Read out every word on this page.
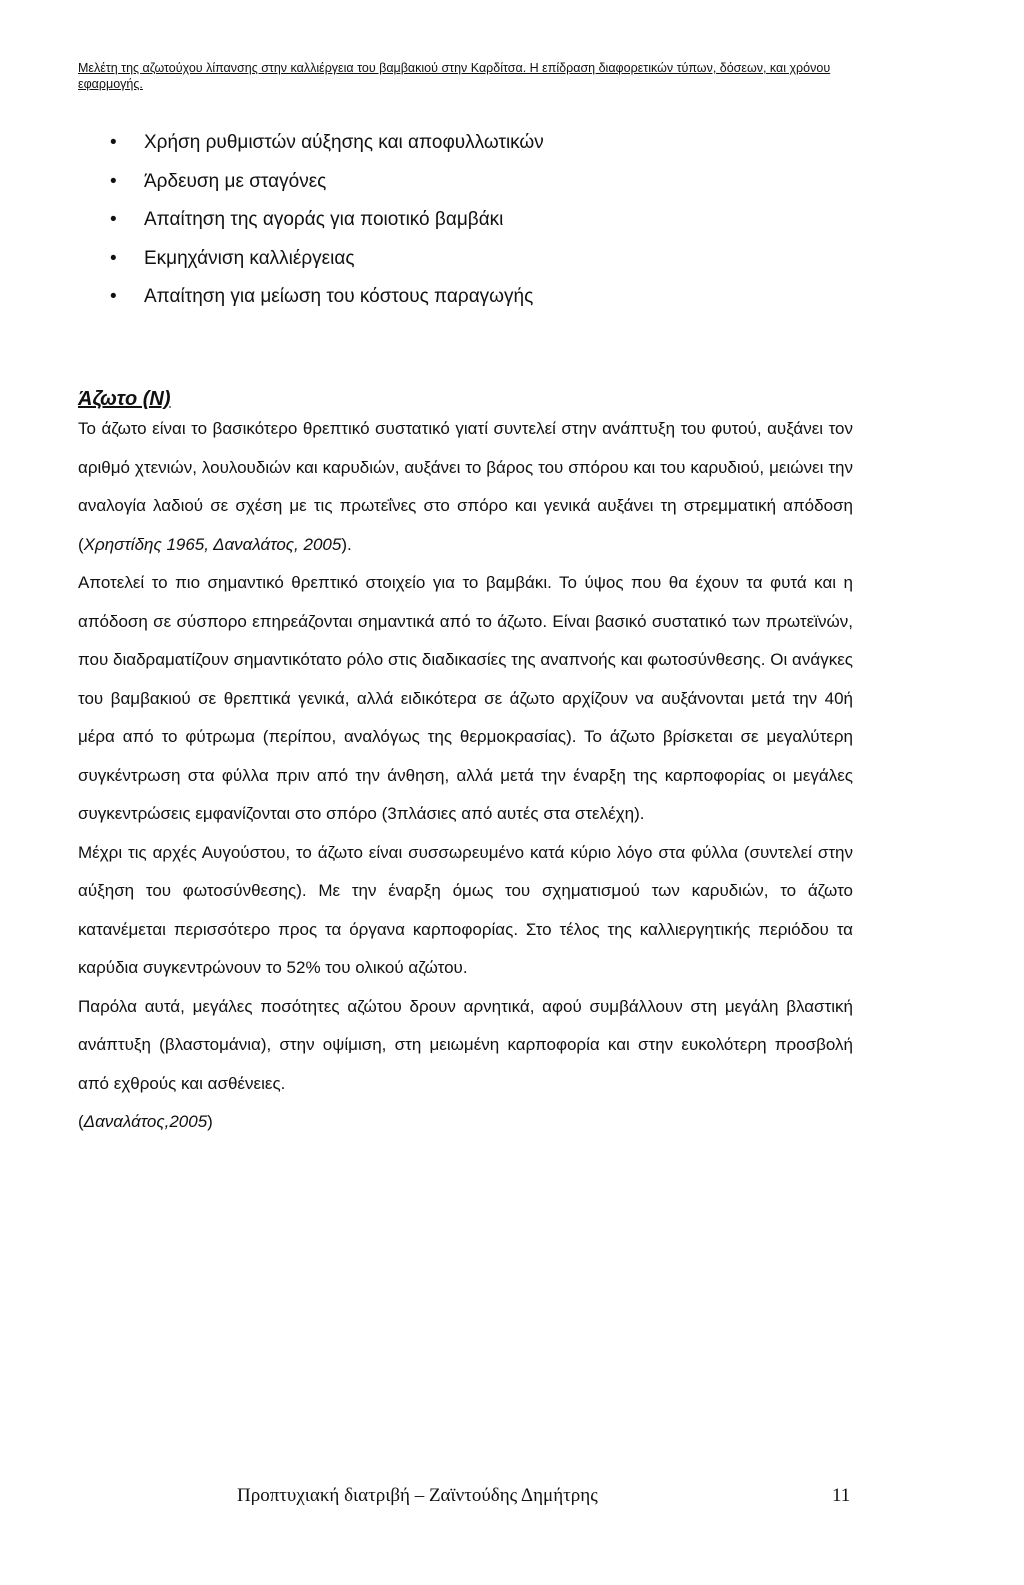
Μελέτη της αζωτούχου λίπανσης στην καλλιέργεια του βαμβακιού στην Καρδίτσα. Η επίδραση διαφορετικών τύπων, δόσεων, και χρόνου εφαρμογής.
• Χρήση ρυθμιστών αύξησης και αποφυλλωτικών
• Άρδευση με σταγόνες
• Απαίτηση της αγοράς για ποιοτικό βαμβάκι
• Εκμηχάνιση καλλιέργειας
• Απαίτηση για μείωση του κόστους παραγωγής
Άζωτο (Ν)

Το άζωτο είναι το βασικότερο θρεπτικό συστατικό γιατί συντελεί στην ανάπτυξη του φυτού, αυξάνει τον αριθμό χτενιών, λουλουδιών και καρυδιών, αυξάνει το βάρος του σπόρου και του καρυδιού, μειώνει την αναλογία λαδιού σε σχέση με τις πρωτεΐνες στο σπόρο και γενικά αυξάνει τη στρεμματική απόδοση (Χρηστίδης 1965, Δαναλάτος, 2005).

Αποτελεί το πιο σημαντικό θρεπτικό στοιχείο για το βαμβάκι. Το ύψος που θα έχουν τα φυτά και η απόδοση σε σύσπορο επηρεάζονται σημαντικά από το άζωτο. Είναι βασικό συστατικό των πρωτεϊνών, που διαδραματίζουν σημαντικότατο ρόλο στις διαδικασίες της αναπνοής και φωτοσύνθεσης. Οι ανάγκες του βαμβακιού σε θρεπτικά γενικά, αλλά ειδικότερα σε άζωτο αρχίζουν να αυξάνονται μετά την 40ή μέρα από το φύτρωμα (περίπου, αναλόγως της θερμοκρασίας). Το άζωτο βρίσκεται σε μεγαλύτερη συγκέντρωση στα φύλλα πριν από την άνθηση, αλλά μετά την έναρξη της καρποφορίας οι μεγάλες συγκεντρώσεις εμφανίζονται στο σπόρο (3πλάσιες από αυτές στα στελέχη).

Μέχρι τις αρχές Αυγούστου, το άζωτο είναι συσσωρευμένο κατά κύριο λόγο στα φύλλα (συντελεί στην αύξηση του φωτοσύνθεσης). Με την έναρξη όμως του σχηματισμού των καρυδιών, το άζωτο κατανέμεται περισσότερο προς τα όργανα καρποφορίας. Στο τέλος της καλλιεργητικής περιόδου τα καρύδια συγκεντρώνουν το 52% του ολικού αζώτου.

Παρόλα αυτά, μεγάλες ποσότητες αζώτου δρουν αρνητικά, αφού συμβάλλουν στη μεγάλη βλαστική ανάπτυξη (βλαστομάνια), στην οψίμιση, στη μειωμένη καρποφορία και στην ευκολότερη προσβολή από εχθρούς και ασθένειες.

(Δαναλάτος,2005)

Προπτυχιακή διατριβή – Ζαϊντούδης Δημήτρης	11
